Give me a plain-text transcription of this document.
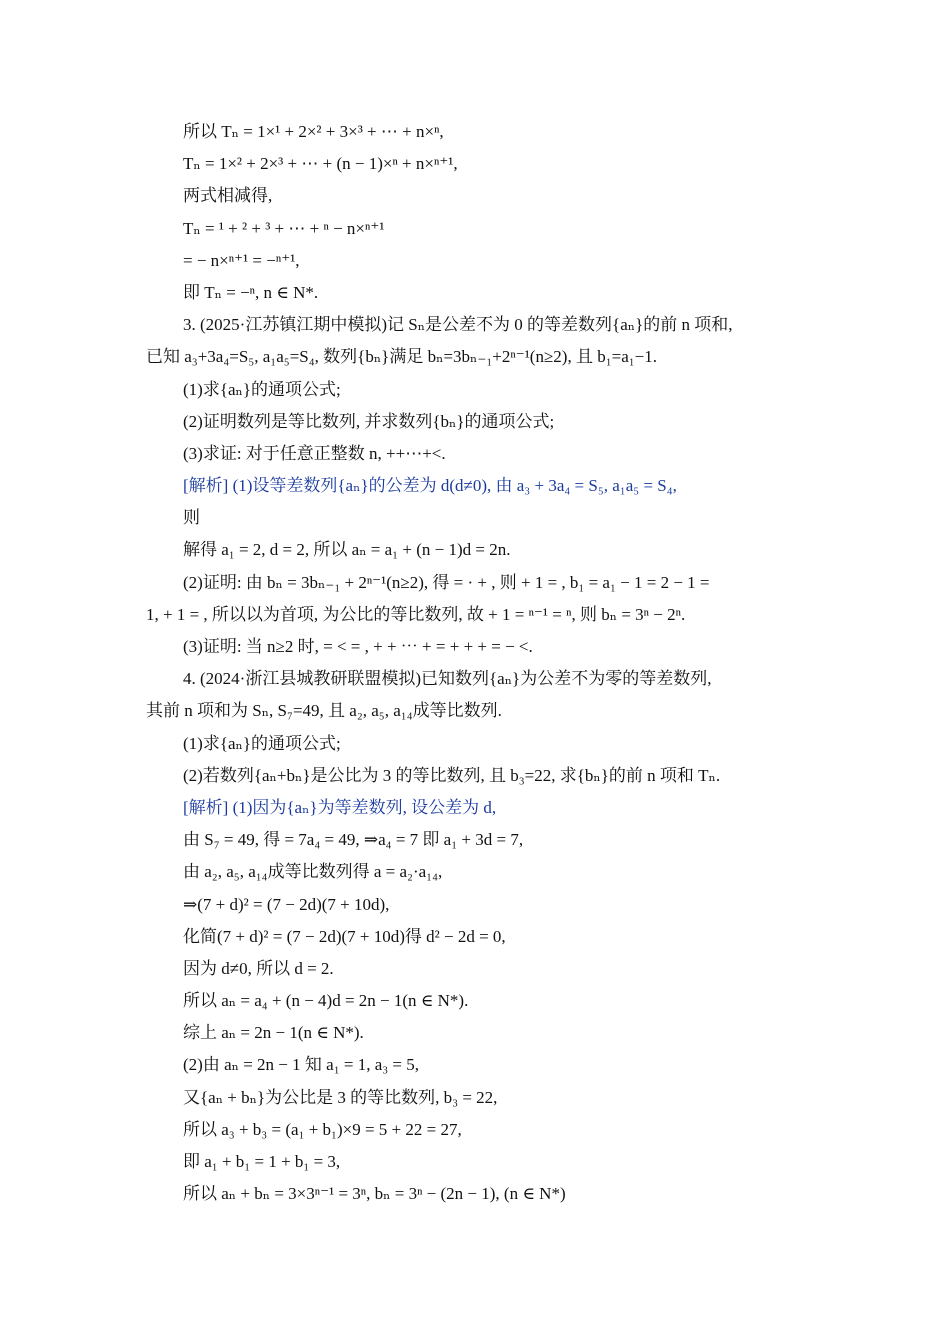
所以 Tₙ = 1×¹ + 2×² + 3×³ + ⋯ + n×ⁿ,
Tₙ = 1×² + 2×³ + ⋯ + (n − 1)×ⁿ + n×ⁿ⁺¹,
两式相减得,
Tₙ = ¹ + ² + ³ + ⋯ + ⁿ − n×ⁿ⁺¹
= − n×ⁿ⁺¹ = −ⁿ⁺¹,
即 Tₙ = −ⁿ, n ∈ N*.
3. (2025·江苏镇江期中模拟)记 Sₙ是公差不为 0 的等差数列{aₙ}的前 n 项和,
已知 a₃+3a₄=S₅, a₁a₅=S₄, 数列{bₙ}满足 bₙ=3bₙ₋₁+2ⁿ⁻¹(n≥2), 且 b₁=a₁−1.
(1)求{aₙ}的通项公式;
(2)证明数列是等比数列, 并求数列{bₙ}的通项公式;
(3)求证: 对于任意正整数 n, ++⋯+<.
[解析] (1)设等差数列{aₙ}的公差为 d(d≠0), 由 a₃ + 3a₄ = S₅, a₁a₅ = S₄,
则
解得 a₁ = 2, d = 2, 所以 aₙ = a₁ + (n − 1)d = 2n.
(2)证明: 由 bₙ = 3bₙ₋₁ + 2ⁿ⁻¹(n≥2), 得 = · + , 则 + 1 = , b₁ = a₁ − 1 = 2 − 1 =
1, + 1 = , 所以以为首项, 为公比的等比数列, 故 + 1 = ⁿ⁻¹ = ⁿ, 则 bₙ = 3ⁿ − 2ⁿ.
(3)证明: 当 n≥2 时, = < = , + + ⋯ + = + + + = − <.
4. (2024·浙江县城教研联盟模拟)已知数列{aₙ}为公差不为零的等差数列,
其前 n 项和为 Sₙ, S₇=49, 且 a₂, a₅, a₁₄成等比数列.
(1)求{aₙ}的通项公式;
(2)若数列{aₙ+bₙ}是公比为 3 的等比数列, 且 b₃=22, 求{bₙ}的前 n 项和 Tₙ.
[解析] (1)因为{aₙ}为等差数列, 设公差为 d,
由 S₇ = 49, 得 = 7a₄ = 49, ⇒a₄ = 7 即 a₁ + 3d = 7,
由 a₂, a₅, a₁₄成等比数列得 a = a₂·a₁₄,
⇒(7 + d)² = (7 − 2d)(7 + 10d),
化简(7 + d)² = (7 − 2d)(7 + 10d)得 d² − 2d = 0,
因为 d≠0, 所以 d = 2.
所以 aₙ = a₄ + (n − 4)d = 2n − 1(n ∈ N*).
综上 aₙ = 2n − 1(n ∈ N*).
(2)由 aₙ = 2n − 1 知 a₁ = 1, a₃ = 5,
又{aₙ + bₙ}为公比是 3 的等比数列, b₃ = 22,
所以 a₃ + b₃ = (a₁ + b₁)×9 = 5 + 22 = 27,
即 a₁ + b₁ = 1 + b₁ = 3,
所以 aₙ + bₙ = 3×3ⁿ⁻¹ = 3ⁿ, bₙ = 3ⁿ − (2n − 1), (n ∈ N*)
